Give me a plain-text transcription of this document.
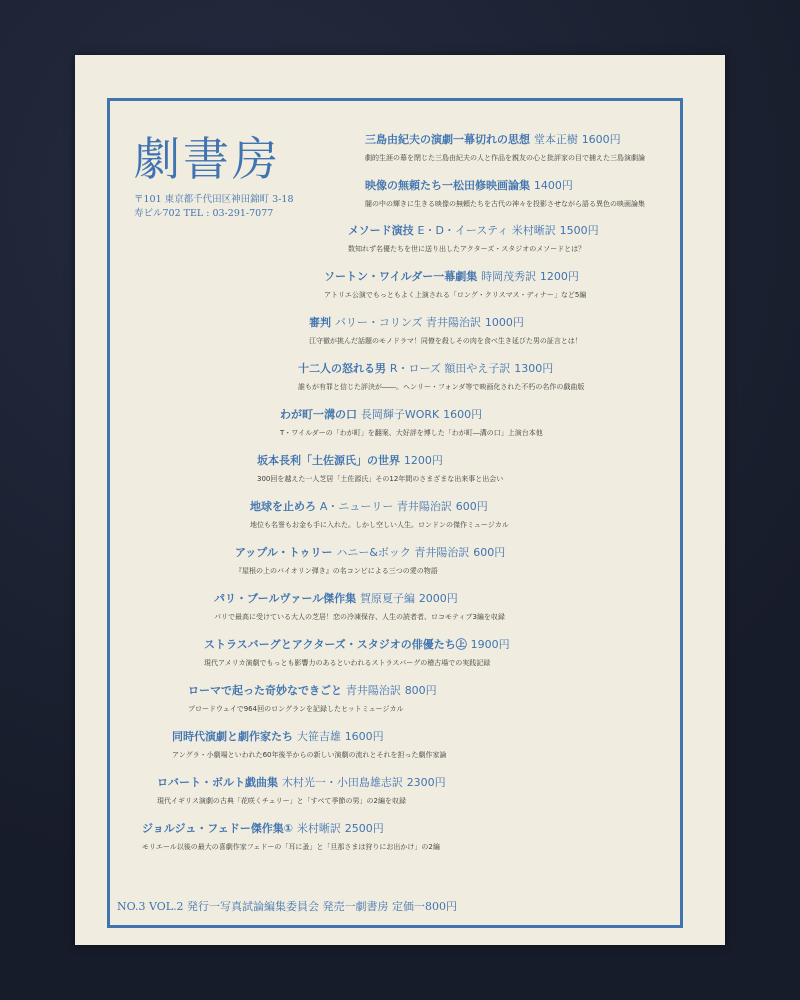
劇書房
〒101 東京都千代田区神田錦町 3-18
寿ビル702 TEL : 03-291-7077
三島由紀夫の演劇一幕切れの思想 堂本正樹 1600円
劇的生涯の幕を閉じた三島由紀夫の人と作品を親友の心と批評家の目で捕えた三島演劇論
映像の無頼たち一松田修映画論集 1400円
闇の中の輝きに生きる映像の無頼たちを古代の神々を投影させながら語る異色の映画論集
メソード演技 E・D・イースティ 米村晰訳 1500円
数知れず名優たちを世に送り出したアクターズ・スタジオのメソードとは？
ソートン・ワイルダー一幕劇集 時岡茂秀訳 1200円
アトリエ公演でもっともよく上演される「ロング・クリスマス・ディナー」など5編
審判 バリー・コリンズ 青井陽治訳 1000円
江守徹が挑んだ話題のモノドラマ！同僚を殺しその肉を食べ生き延びた男の証言とは！
十二人の怒れる男 R・ローズ 額田やえ子訳 1300円
誰もが有罪と信じた評決が――。ヘンリー・フォンダ等で映画化された不朽の名作の戯曲版
わが町一溝の口 長岡輝子WORK 1600円
T・ワイルダーの「わが町」を翻案、大好評を博した「わが町―溝の口」上演台本他
坂本長利「土佐源氏」の世界 1200円
300回を越えた一人芝居「土佐源氏」その12年間のさまざまな出来事と出会い
地球を止めろ A・ニューリー 青井陽治訳 600円
地位も名誉もお金も手に入れた。しかし空しい人生。ロンドンの傑作ミュージカル
アップル・トゥリー ハニー&ボック 青井陽治訳 600円
『屋根の上のバイオリン弾き』の名コンビによる三つの愛の物語
パリ・ブールヴァール傑作集 賀原夏子編 2000円
パリで最高に受けている大人の芝居！恋の冷凍保存、人生の読者者、ロコモティブ3編を収録
ストラスバーグとアクターズ・スタジオの俳優たち㊤ 1900円
現代アメリカ演劇でもっとも影響力のあるといわれるストラスバーグの稽古場での実践記録
ローマで起った奇妙なできごと 青井陽治訳 800円
ブロードウェイで964回のロングランを記録したヒットミュージカル
同時代演劇と劇作家たち 大笹吉雄 1600円
アングラ・小劇場といわれた60年後半からの新しい演劇の流れとそれを担った劇作家論
ロバート・ボルト戯曲集 木村光一・小田島雄志訳 2300円
現代イギリス演劇の古典「花咲くチェリー」と「すべて季節の男」の2編を収録
ジョルジュ・フェドー傑作集① 米村晰訳 2500円
モリエール以後の最大の喜劇作家フェドーの「耳に蚤」と「旦那さまは狩りにお出かけ」の2編
NO.3 VOL.2 発行一写真試論編集委員会 発売一劇書房 定価一800円
